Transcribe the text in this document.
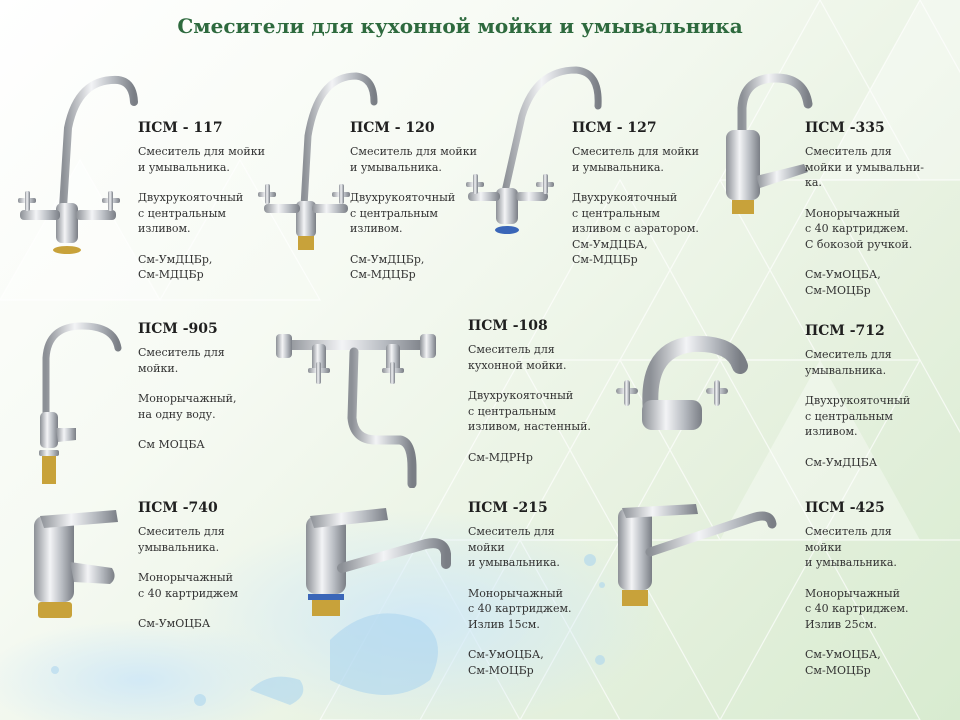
Смесители для кухонной мойки и умывальника
ПСМ - 117
Смеситель для мойки
и умывальника.
Двухрукояточный
с центральным
изливом.
См-УмДЦБр,
См-МДЦБр
ПСМ - 120
Смеситель для мойки
и умывальника.
Двухрукояточный
с центральным
изливом.
См-УмДЦБр,
См-МДЦБр
ПСМ - 127
Смеситель для мойки
и умывальника.
Двухрукояточный
с центральным
изливом с аэратором.
См-УмДЦБА,
См-МДЦБр
ПСМ -335
Смеситель для
мойки и умывальни-
ка.
Монорычажный
с 40 картриджем.
С бокозой ручкой.
См-УмОЦБА,
См-МОЦБр
ПСМ -905
Смеситель для
мойки.
Монорычажный,
на одну воду.
См МОЦБА
ПСМ -108
Смеситель для
кухонной мойки.
Двухрукояточный
с центральным
изливом, настенный.
См-МДРНр
ПСМ -712
Смеситель для
умывальника.
Двухрукояточный
с центральным
изливом.
См-УмДЦБА
ПСМ -740
Смеситель для
умывальника.
Монорычажный
с 40 картриджем
См-УмОЦБА
ПСМ -215
Смеситель для
мойки
и умывальника.
Монорычажный
с 40 картриджем.
Излив 15см.
См-УмОЦБА,
См-МОЦБр
ПСМ -425
Смеситель для
мойки
и умывальника.
Монорычажный
с 40 картриджем.
Излив 25см.
См-УмОЦБА,
См-МОЦБр
